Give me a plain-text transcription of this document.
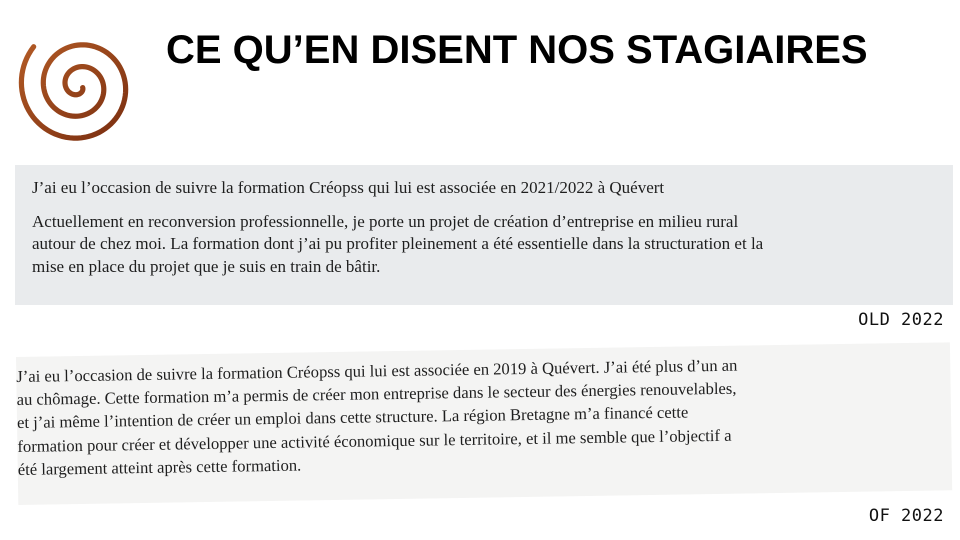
CE QU’EN DISENT NOS STAGIAIRES

J’ai eu l’occasion de suivre la formation Créopss qui lui est associée en 2021/2022 à Quévert

Actuellement en reconversion professionnelle, je porte un projet de création d’entreprise en milieu rural
autour de chez moi. La formation dont j’ai pu profiter pleinement a été essentielle dans la structuration et la
mise en place du projet que je suis en train de bâtir.

OLD 2022

J’ai eu l’occasion de suivre la formation Créopss qui lui est associée en 2019 à Quévert. J’ai été plus d’un an
au chômage. Cette formation m’a permis de créer mon entreprise dans le secteur des énergies renouvelables,
et j’ai même l’intention de créer un emploi dans cette structure. La région Bretagne m’a financé cette
formation pour créer et développer une activité économique sur le territoire, et il me semble que l’objectif a
été largement atteint après cette formation.

OF 2022
